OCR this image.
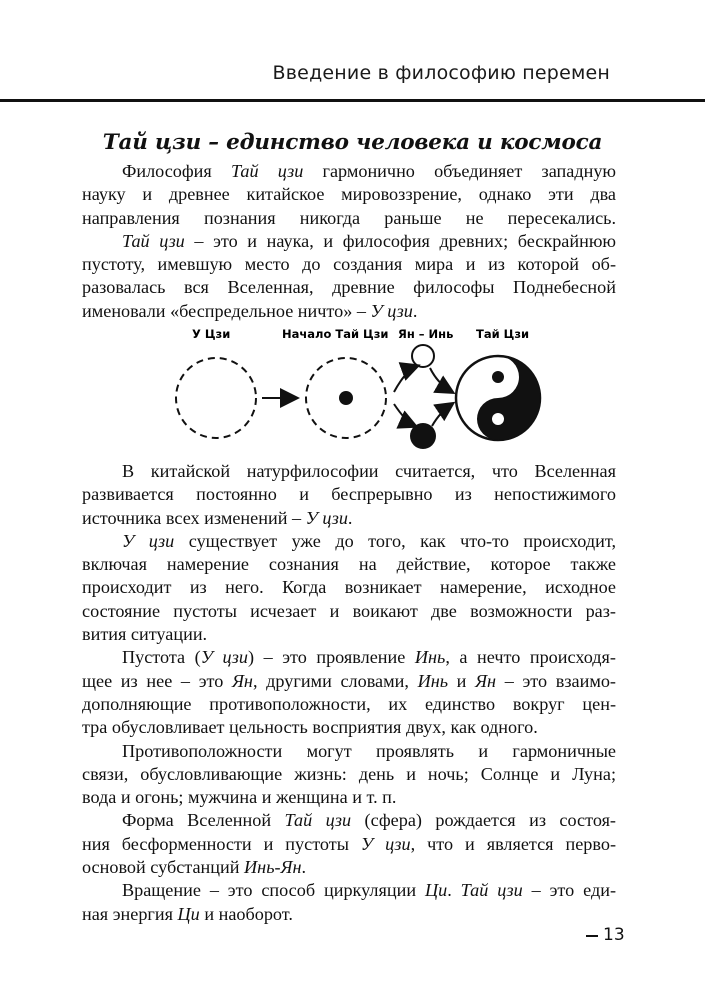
Введение в философию перемен
Тай цзи – единство человека и космоса
Философия Тай цзи гармонично объединяет западную
науку и древнее китайское мировоззрение, однако эти два
направления познания никогда раньше не пересекались.
Тай цзи – это и наука, и философия древних; бескрайнюю
пустоту, имевшую место до создания мира и из которой об-
разовалась вся Вселенная, древние философы Поднебесной
именовали «беспредельное ничто» – У цзи.
У Цзи	Начало Тай Цзи Ян – Инь Тай Цзи
В китайской натурфилософии считается, что Вселенная
развивается постоянно и беспрерывно из непостижимого
источника всех изменений – У цзи.
У цзи существует уже до того, как что-то происходит,
включая намерение сознания на действие, которое также
происходит из него. Когда возникает намерение, исходное
состояние пустоты исчезает и воикают две возможности раз-
вития ситуации.
Пустота (У цзи) – это проявление Инь, а нечто происходя-
щее из нее – это Ян, другими словами, Инь и Ян – это взаимо-
дополняющие противоположности, их единство вокруг цен-
тра обусловливает цельность восприятия двух, как одного.
Противоположности могут проявлять и гармоничные
связи, обусловливающие жизнь: день и ночь; Солнце и Луна;
вода и огонь; мужчина и женщина и т. п.
Форма Вселенной Тай цзи (сфера) рождается из состоя-
ния бесформенности и пустоты У цзи, что и является перво-
основой субстанций Инь-Ян.
Вращение – это способ циркуляции Ци. Тай цзи – это еди-
ная энергия Ци и наоборот.
13
